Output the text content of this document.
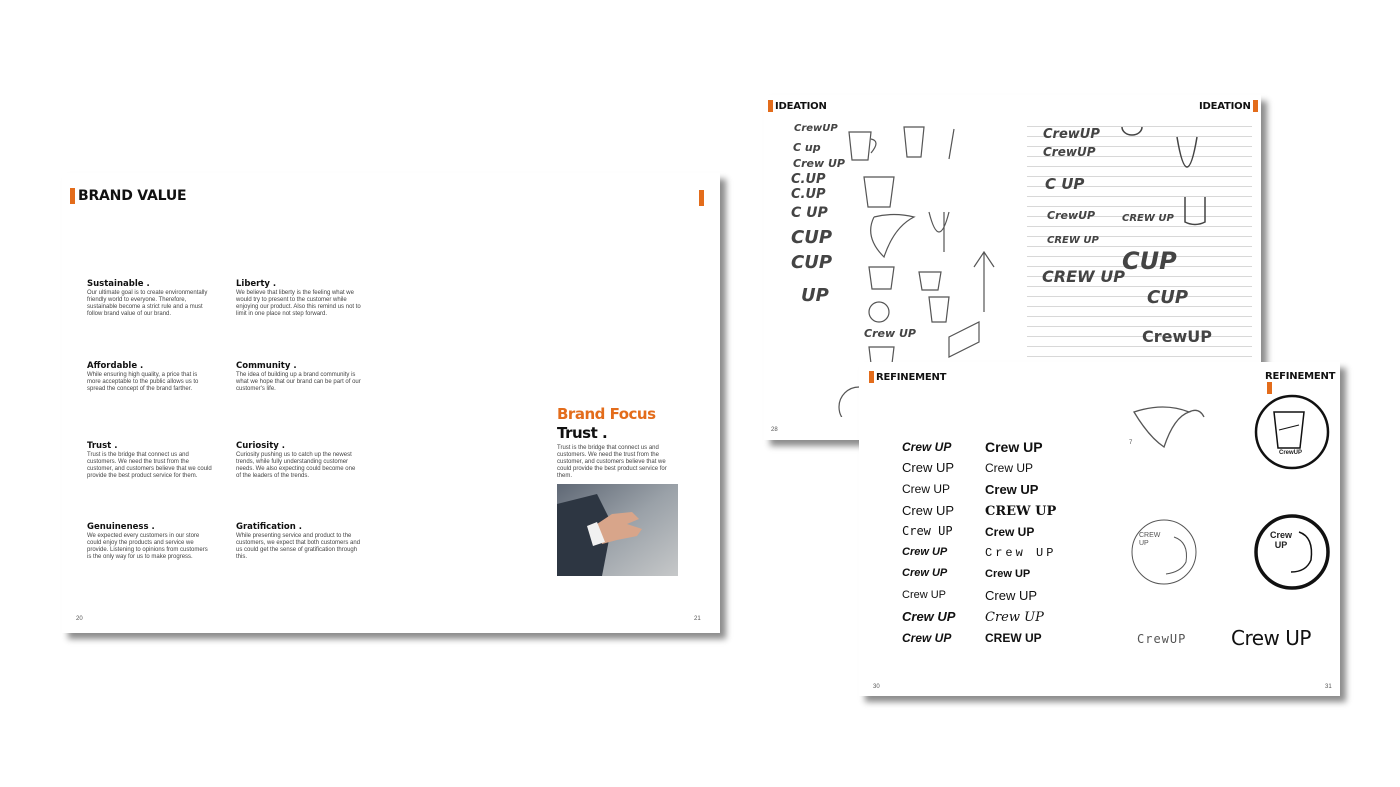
BRAND VALUE
Sustainable .
Our ultimate goal is to create environmentally friendly world to everyone. Therefore, sustainable become a strict rule and a must follow brand value of our brand.
Liberty .
We believe that liberty is the feeling what we would try to present to the customer while enjoying our product. Also this remind us not to limit in one place not step forward.
Affordable .
While ensuring high quality, a price that is more acceptable to the public allows us to spread the concept of the brand farther.
Community .
The idea of building up a brand community is what we hope that our brand can be part of our customer's life.
Trust .
Trust is the bridge that connect us and customers. We need the trust from the customer, and customers believe that we could provide the best product service for them.
Curiosity .
Curiosity pushing us to catch up the newest trends, while fully understanding customer needs. We also expecting could become one of the leaders of the trends.
Genuineness .
We expected every customers in our store could enjoy the products and service we provide. Listening to opinions from customers is the only way for us to make progress.
Gratification .
While presenting service and product to the customers, we expect that both customers and us could get the sense of gratification through this.
Brand Focus
Trust .
Trust is the bridge that connect us and customers. We need the trust from the customer, and customers believe that we could provide the best product service for them.
20	21
IDEATION	IDEATION
CrewUP
C up
Crew UP
C.UP
C.UP
C UP
CUP
CUP
UP
Crew UP
28
CrewUP
CrewUP
C UP
CrewUP	CREW UP
CREW UP
CUP
CREW UP
CUP
CrewUP
REFINEMENT	REFINEMENT
Crew UP
Crew UP
Crew UP
Crew UP
Crew UP
Crew UP
Crew UP
Crew UP
Crew UP
Crew UP
Crew UP
Crew UP
Crew UP
CREW UP
Crew UP
Crew UP
Crew UP
Crew UP
Crew UP
CREW UP
7
CrewUP
CREW UP
Crew UP
CrewUP Crew UP
30	31
